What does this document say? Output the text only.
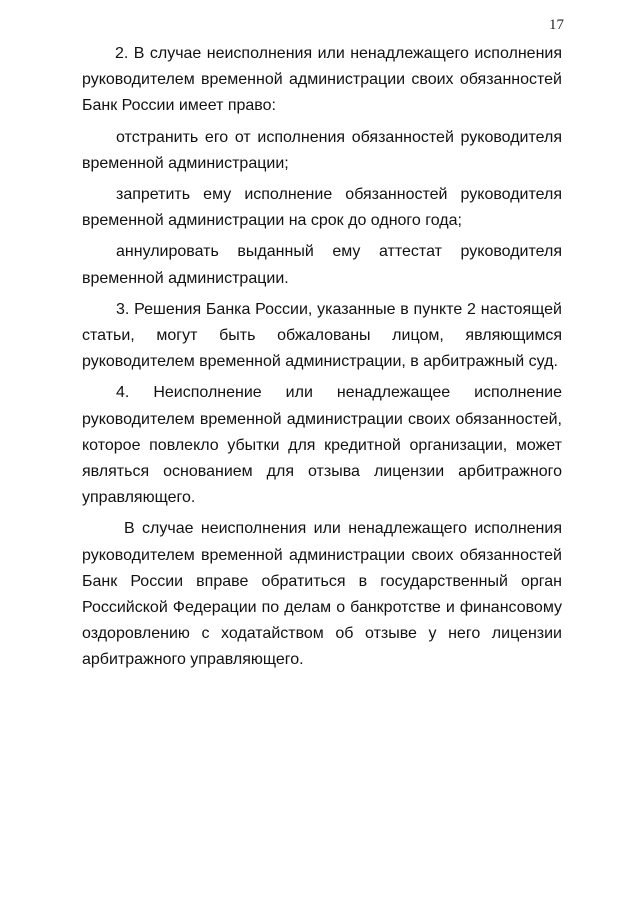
17

2. В случае неисполнения или ненадлежащего исполнения руководителем временной администрации своих обязанностей Банк России имеет право:

отстранить его от исполнения обязанностей руководителя временной администрации;

запретить ему исполнение обязанностей руководителя временной администрации на срок до одного года;

аннулировать выданный ему аттестат руководителя временной администрации.

3. Решения Банка России, указанные в пункте 2 настоящей статьи, могут быть обжалованы лицом, являющимся руководителем временной администрации, в арбитражный суд.

4. Неисполнение или ненадлежащее исполнение руководителем временной администрации своих обязанностей, которое повлекло убытки для кредитной организации, может являться основанием для отзыва лицензии арбитражного управляющего.

В случае неисполнения или ненадлежащего исполнения руководителем временной администрации своих обязанностей Банк России вправе обратиться в государственный орган Российской Федерации по делам о банкротстве и финансовому оздоровлению с ходатайством об отзыве у него лицензии арбитражного управляющего.
